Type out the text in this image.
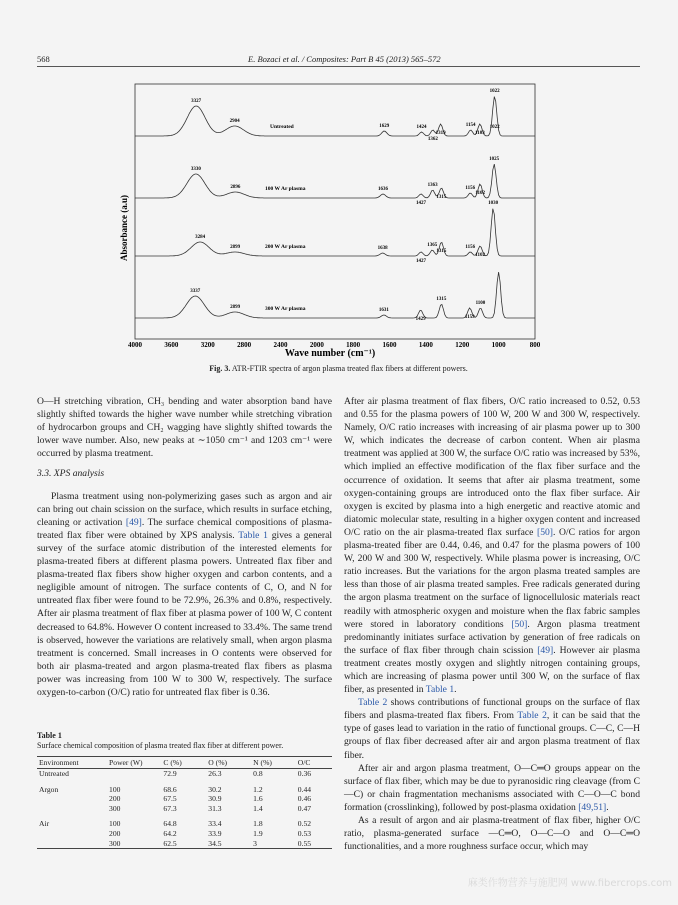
568	E. Bozaci et al. / Composites: Part B 45 (2013) 565–572
Absorbance (a.u)
Wave number (cm⁻¹)
4000	3600	3200	2800	2400	2000	1800	1600	1400	1200	1000	800
Untreated
3327
2904
1629
1319
1424
1362
1154
1103
1022
1022
100 W Ar plasma
3330
2896	1636
1427
1363
1315
1156
1102
1025
200 W Ar plasma
3284
2899	1638
1427
1365
1315
1156
1102
1030
300 W Ar plasma
3337
2899
1631
1429
1315
1159
1100
Fig. 3. ATR-FTIR spectra of argon plasma treated flax fibers at different powers.

O—H stretching vibration, CH₃ bending and water absorption band have slightly shifted towards the higher wave number while stretching vibration of hydrocarbon groups and CH₂ wagging have slightly shifted towards the lower wave number. Also, new peaks at ∼1050 cm⁻¹ and 1203 cm⁻¹ were occurred by plasma treatment.

3.3. XPS analysis

Plasma treatment using non-polymerizing gases such as argon and air can bring out chain scission on the surface, which results in surface etching, cleaning or activation [49]. The surface chemical compositions of plasma-treated flax fiber were obtained by XPS analysis. Table 1 gives a general survey of the surface atomic distribution of the interested elements for plasma-treated fibers at different plasma powers. Untreated flax fiber and plasma-treated flax fibers show higher oxygen and carbon contents, and a negligible amount of nitrogen. The surface contents of C, O, and N for untreated flax fiber were found to be 72.9%, 26.3% and 0.8%, respectively. After air plasma treatment of flax fiber at plasma power of 100 W, C content decreased to 64.8%. However O content increased to 33.4%. The same trend is observed, however the variations are relatively small, when argon plasma treatment is concerned. Small increases in O contents were observed for both air plasma-treated and argon plasma-treated flax fibers as plasma power was increasing from 100 W to 300 W, respectively. The surface oxygen-to-carbon (O/C) ratio for untreated flax fiber is 0.36.

After air plasma treatment of flax fibers, O/C ratio increased to 0.52, 0.53 and 0.55 for the plasma powers of 100 W, 200 W and 300 W, respectively. Namely, O/C ratio increases with increasing of air plasma power up to 300 W, which indicates the decrease of carbon content. When air plasma treatment was applied at 300 W, the surface O/C ratio was increased by 53%, which implied an effective modification of the flax fiber surface and the occurrence of oxidation. It seems that after air plasma treatment, some oxygen-containing groups are introduced onto the flax fiber surface. Air oxygen is excited by plasma into a high energetic and reactive atomic and diatomic molecular state, resulting in a higher oxygen content and increased O/C ratio on the air plasma-treated flax surface [50]. O/C ratios for argon plasma-treated fiber are 0.44, 0.46, and 0.47 for the plasma powers of 100 W, 200 W and 300 W, respectively. While plasma power is increasing, O/C ratio increases. But the variations for the argon plasma treated samples are less than those of air plasma treated samples. Free radicals generated during the argon plasma treatment on the surface of lignocellulosic materials react readily with atmospheric oxygen and moisture when the flax fabric samples were stored in laboratory conditions [50]. Argon plasma treatment predominantly initiates surface activation by generation of free radicals on the surface of flax fiber through chain scission [49]. However air plasma treatment creates mostly oxygen and slightly nitrogen containing groups, which are increasing of plasma power until 300 W, on the surface of flax fiber, as presented in Table 1.

Table 2 shows contributions of functional groups on the surface of flax fibers and plasma-treated flax fibers. From Table 2, it can be said that the type of gases lead to variation in the ratio of functional groups. C—C, C—H groups of flax fiber decreased after air and argon plasma treatment of flax fiber.

After air and argon plasma treatment, O—C═O groups appear on the surface of flax fiber, which may be due to pyranosidic ring cleavage (from C—C) or chain fragmentation mechanisms associated with C—O—C bond formation (crosslinking), followed by post-plasma oxidation [49,51].

As a result of argon and air plasma-treatment of flax fiber, higher O/C ratio, plasma-generated surface —C═O, O—C—O and O—C═O functionalities, and a more roughness surface occur, which may

Table 1
Surface chemical composition of plasma treated flax fiber at different power.
Environment	Power (W)	C (%)	O (%)	N (%)	O/C
Untreated		72.9	26.3	0.8	0.36

Argon	100	68.6	30.2	1.2	0.44
	200	67.5	30.9	1.6	0.46
	300	67.3	31.3	1.4	0.47

Air	100	64.8	33.4	1.8	0.52
	200	64.2	33.9	1.9	0.53
	300	62.5	34.5	3	0.55
麻类作物营养与施肥网 www.fibercrops.com
